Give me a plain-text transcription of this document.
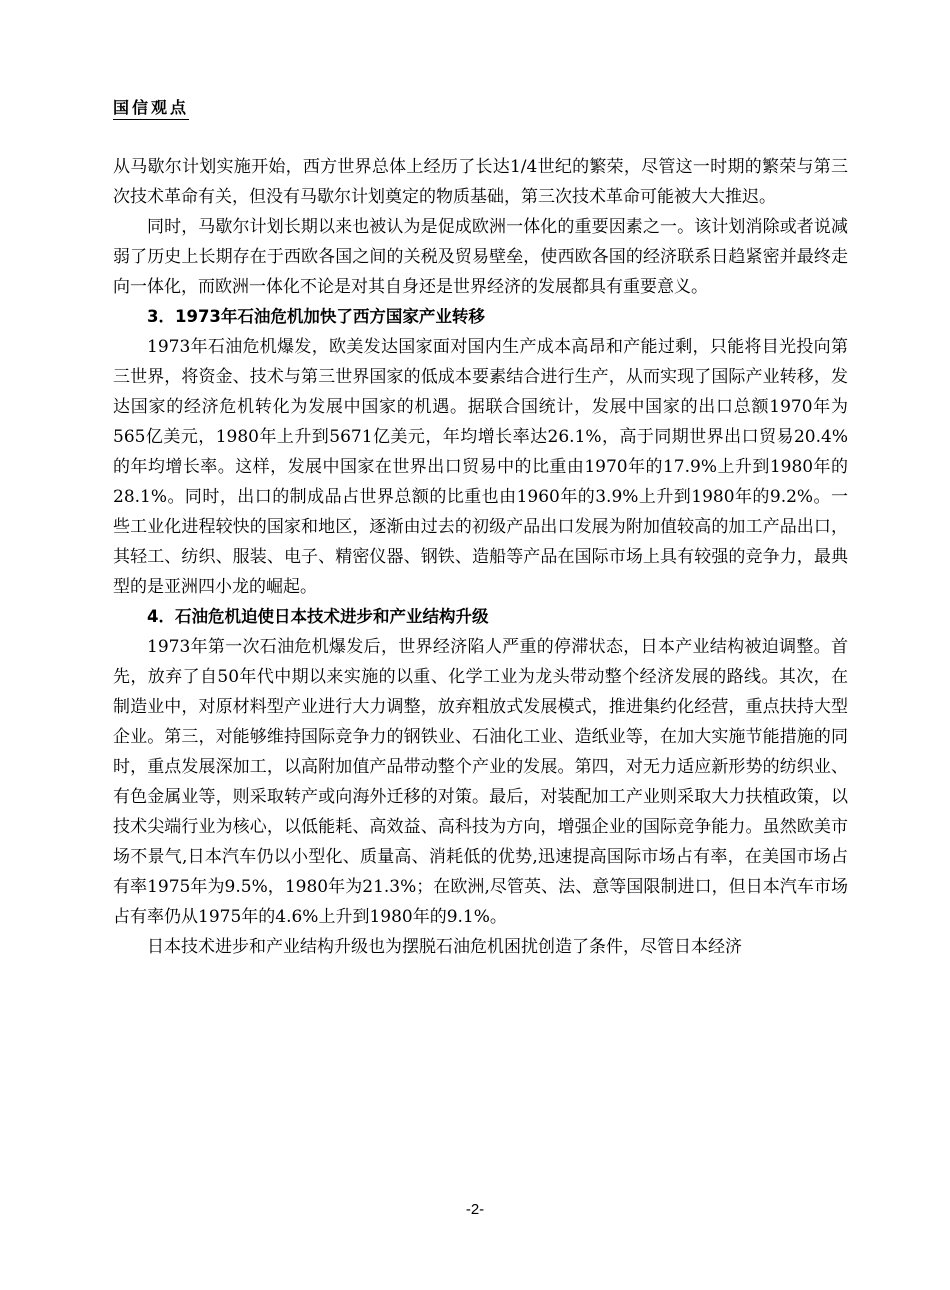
国信观点

从马歇尔计划实施开始，西方世界总体上经历了长达1/4世纪的繁荣，尽管这一时期的繁荣与第三次技术革命有关，但没有马歇尔计划奠定的物质基础，第三次技术革命可能被大大推迟。

同时，马歇尔计划长期以来也被认为是促成欧洲一体化的重要因素之一。该计划消除或者说减弱了历史上长期存在于西欧各国之间的关税及贸易壁垒，使西欧各国的经济联系日趋紧密并最终走向一体化，而欧洲一体化不论是对其自身还是世界经济的发展都具有重要意义。

3．1973年石油危机加快了西方国家产业转移

1973年石油危机爆发，欧美发达国家面对国内生产成本高昂和产能过剩，只能将目光投向第三世界，将资金、技术与第三世界国家的低成本要素结合进行生产，从而实现了国际产业转移，发达国家的经济危机转化为发展中国家的机遇。据联合国统计，发展中国家的出口总额1970年为565亿美元，1980年上升到5671亿美元，年均增长率达26.1%，高于同期世界出口贸易20.4%的年均增长率。这样，发展中国家在世界出口贸易中的比重由1970年的17.9%上升到1980年的28.1%。同时，出口的制成品占世界总额的比重也由1960年的3.9%上升到1980年的9.2%。一些工业化进程较快的国家和地区，逐渐由过去的初级产品出口发展为附加值较高的加工产品出口，其轻工、纺织、服装、电子、精密仪器、钢铁、造船等产品在国际市场上具有较强的竞争力，最典型的是亚洲四小龙的崛起。

4．石油危机迫使日本技术进步和产业结构升级

1973年第一次石油危机爆发后，世界经济陷人严重的停滞状态，日本产业结构被迫调整。首先，放弃了自50年代中期以来实施的以重、化学工业为龙头带动整个经济发展的路线。其次，在制造业中，对原材料型产业进行大力调整，放弃粗放式发展模式，推进集约化经营，重点扶持大型企业。第三，对能够维持国际竞争力的钢铁业、石油化工业、造纸业等，在加大实施节能措施的同时，重点发展深加工，以高附加值产品带动整个产业的发展。第四，对无力适应新形势的纺织业、有色金属业等，则采取转产或向海外迁移的对策。最后，对装配加工产业则采取大力扶植政策，以技术尖端行业为核心，以低能耗、高效益、高科技为方向，增强企业的国际竞争能力。虽然欧美市场不景气,日本汽车仍以小型化、质量高、消耗低的优势,迅速提高国际市场占有率，在美国市场占有率1975年为9.5%，1980年为21.3%；在欧洲,尽管英、法、意等国限制进口，但日本汽车市场占有率仍从1975年的4.6%上升到1980年的9.1%。

日本技术进步和产业结构升级也为摆脱石油危机困扰创造了条件，尽管日本经济

-2-
